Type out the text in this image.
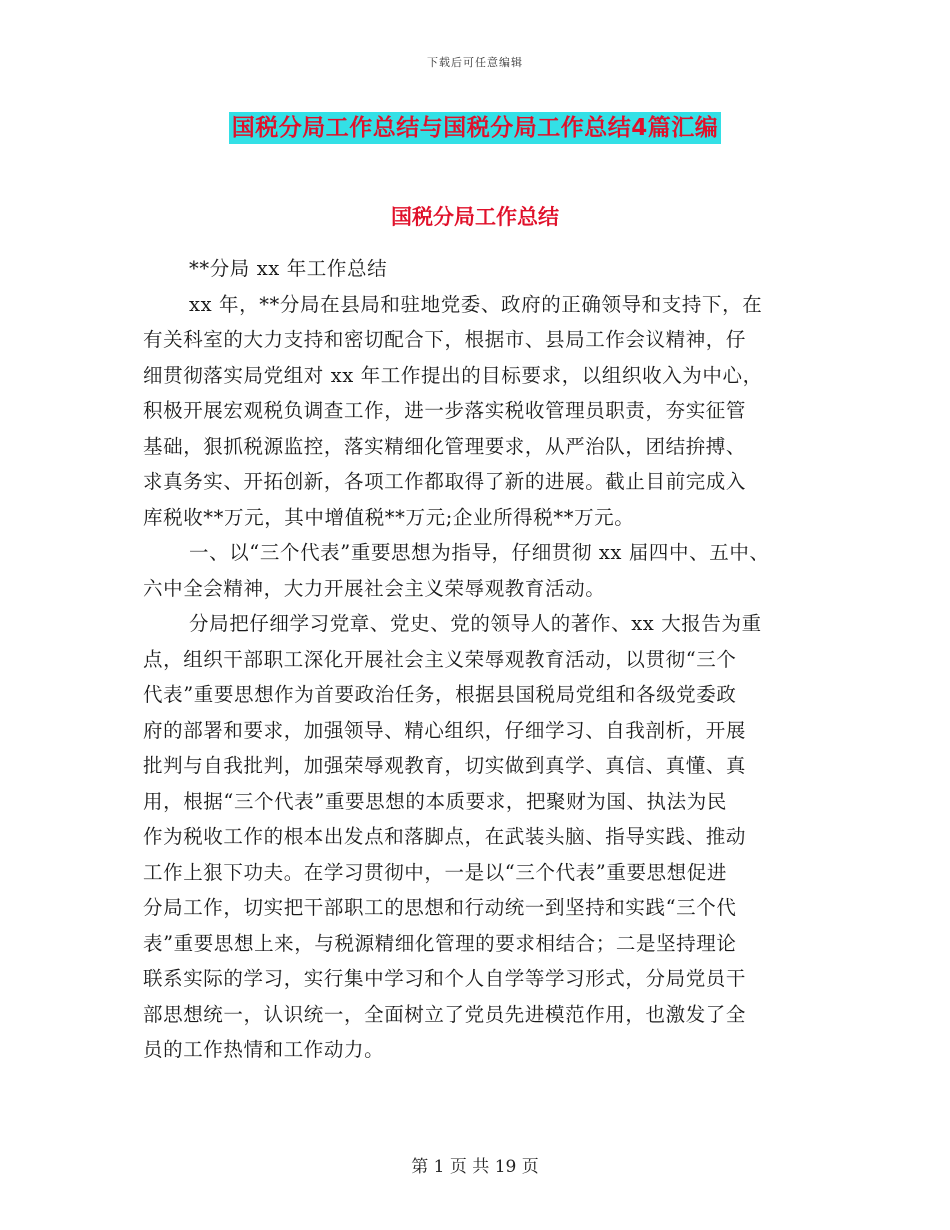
下载后可任意编辑
国税分局工作总结与国税分局工作总结4篇汇编
国税分局工作总结
**分局 xx 年工作总结
xx 年，**分局在县局和驻地党委、政府的正确领导和支持下，在
有关科室的大力支持和密切配合下，根据市、县局工作会议精神，仔
细贯彻落实局党组对 xx 年工作提出的目标要求，以组织收入为中心，
积极开展宏观税负调查工作，进一步落实税收管理员职责，夯实征管
基础，狠抓税源监控，落实精细化管理要求，从严治队，团结拚搏、
求真务实、开拓创新，各项工作都取得了新的进展。截止目前完成入
库税收**万元，其中增值税**万元;企业所得税**万元。
一、以“三个代表”重要思想为指导，仔细贯彻 xx 届四中、五中、
六中全会精神，大力开展社会主义荣辱观教育活动。
分局把仔细学习党章、党史、党的领导人的著作、xx 大报告为重
点，组织干部职工深化开展社会主义荣辱观教育活动，以贯彻“三个
代表”重要思想作为首要政治任务，根据县国税局党组和各级党委政
府的部署和要求，加强领导、精心组织，仔细学习、自我剖析，开展
批判与自我批判，加强荣辱观教育，切实做到真学、真信、真懂、真
用，根据“三个代表”重要思想的本质要求，把聚财为国、执法为民
作为税收工作的根本出发点和落脚点，在武装头脑、指导实践、推动
工作上狠下功夫。在学习贯彻中，一是以“三个代表”重要思想促进
分局工作，切实把干部职工的思想和行动统一到坚持和实践“三个代
表”重要思想上来，与税源精细化管理的要求相结合；二是坚持理论
联系实际的学习，实行集中学习和个人自学等学习形式，分局党员干
部思想统一，认识统一，全面树立了党员先进模范作用，也激发了全
员的工作热情和工作动力。
第 1 页 共 19 页
